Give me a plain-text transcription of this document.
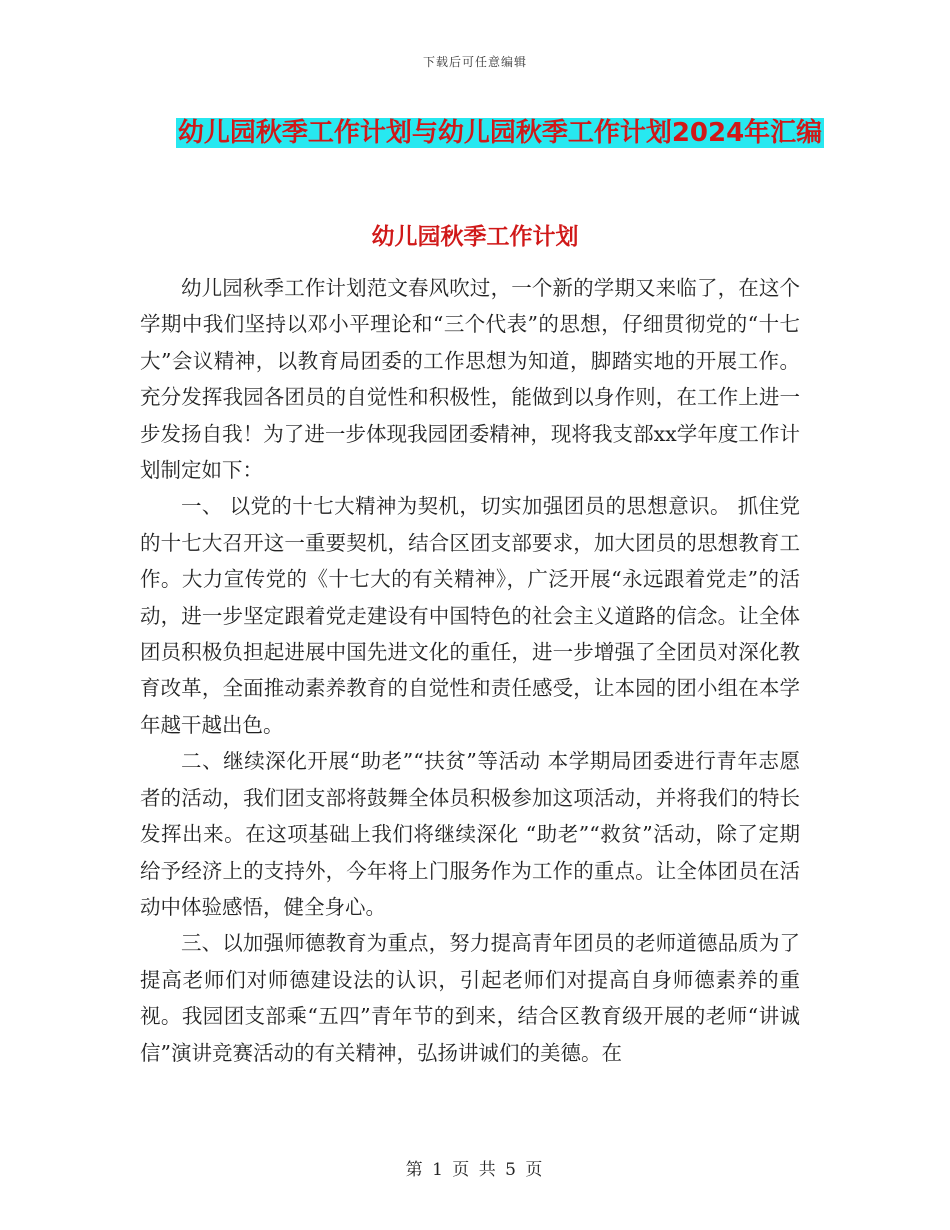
下载后可任意编辑
幼儿园秋季工作计划与幼儿园秋季工作计划2024年汇编
幼儿园秋季工作计划

幼儿园秋季工作计划范文春风吹过，一个新的学期又来临了，在这个学期中我们坚持以邓小平理论和“三个代表”的思想，仔细贯彻党的“十七大”会议精神，以教育局团委的工作思想为知道，脚踏实地的开展工作。充分发挥我园各团员的自觉性和积极性，能做到以身作则，在工作上进一步发扬自我！为了进一步体现我园团委精神，现将我支部xx学年度工作计划制定如下：

一、 以党的十七大精神为契机，切实加强团员的思想意识。 抓住党的十七大召开这一重要契机，结合区团支部要求，加大团员的思想教育工作。大力宣传党的《十七大的有关精神》，广泛开展“永远跟着党走”的活动，进一步坚定跟着党走建设有中国特色的社会主义道路的信念。让全体团员积极负担起进展中国先进文化的重任，进一步增强了全团员对深化教育改革，全面推动素养教育的自觉性和责任感受，让本园的团小组在本学年越干越出色。

二、继续深化开展“助老”“扶贫”等活动 本学期局团委进行青年志愿者的活动，我们团支部将鼓舞全体员积极参加这项活动，并将我们的特长发挥出来。在这项基础上我们将继续深化 “助老”“救贫”活动，除了定期给予经济上的支持外，今年将上门服务作为工作的重点。让全体团员在活动中体验感悟，健全身心。

三、以加强师德教育为重点，努力提高青年团员的老师道德品质为了提高老师们对师德建设法的认识，引起老师们对提高自身师德素养的重视。我园团支部乘“五四”青年节的到来，结合区教育级开展的老师“讲诚信”演讲竞赛活动的有关精神，弘扬讲诚们的美德。在

第 1 页 共 5 页
